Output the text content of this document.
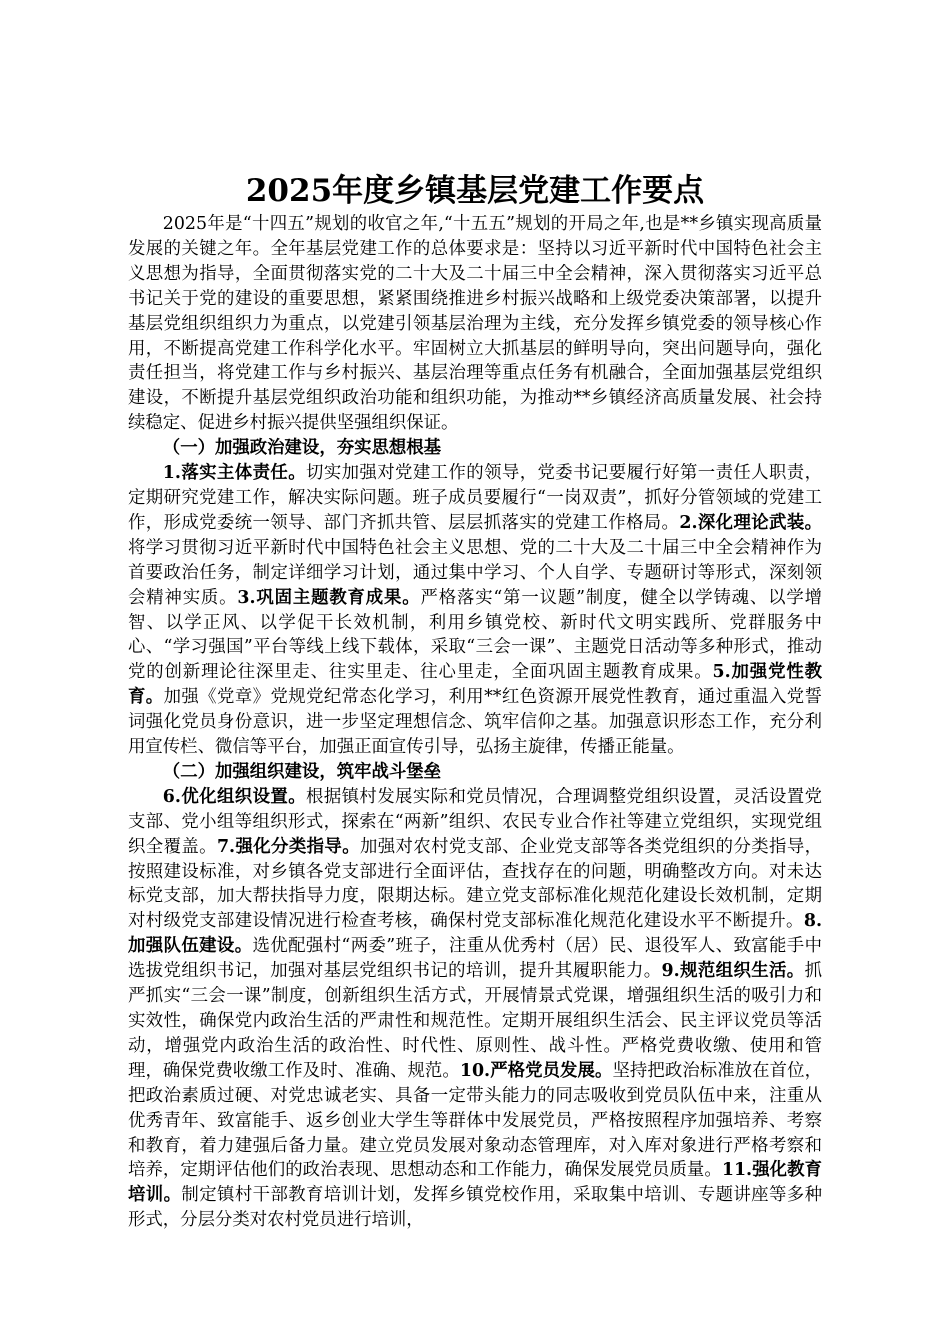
2025年度乡镇基层党建工作要点

2025年是“十四五”规划的收官之年,“十五五”规划的开局之年,也是**乡镇实现高质量发展的关键之年。全年基层党建工作的总体要求是：坚持以习近平新时代中国特色社会主义思想为指导，全面贯彻落实党的二十大及二十届三中全会精神，深入贯彻落实习近平总书记关于党的建设的重要思想，紧紧围绕推进乡村振兴战略和上级党委决策部署，以提升基层党组织组织力为重点，以党建引领基层治理为主线，充分发挥乡镇党委的领导核心作用，不断提高党建工作科学化水平。牢固树立大抓基层的鲜明导向，突出问题导向，强化责任担当，将党建工作与乡村振兴、基层治理等重点任务有机融合，全面加强基层党组织建设，不断提升基层党组织政治功能和组织功能，为推动**乡镇经济高质量发展、社会持续稳定、促进乡村振兴提供坚强组织保证。

（一）加强政治建设，夯实思想根基

1.落实主体责任。切实加强对党建工作的领导，党委书记要履行好第一责任人职责，定期研究党建工作，解决实际问题。班子成员要履行“一岗双责”，抓好分管领域的党建工作，形成党委统一领导、部门齐抓共管、层层抓落实的党建工作格局。2.深化理论武装。将学习贯彻习近平新时代中国特色社会主义思想、党的二十大及二十届三中全会精神作为首要政治任务，制定详细学习计划，通过集中学习、个人自学、专题研讨等形式，深刻领会精神实质。3.巩固主题教育成果。严格落实“第一议题”制度，健全以学铸魂、以学增智、以学正风、以学促干长效机制，利用乡镇党校、新时代文明实践所、党群服务中心、“学习强国”平台等线上线下载体，采取“三会一课”、主题党日活动等多种形式，推动党的创新理论往深里走、往实里走、往心里走，全面巩固主题教育成果。5.加强党性教育。加强《党章》党规党纪常态化学习，利用**红色资源开展党性教育，通过重温入党誓词强化党员身份意识，进一步坚定理想信念、筑牢信仰之基。加强意识形态工作，充分利用宣传栏、微信等平台，加强正面宣传引导，弘扬主旋律，传播正能量。

（二）加强组织建设，筑牢战斗堡垒

6.优化组织设置。根据镇村发展实际和党员情况，合理调整党组织设置，灵活设置党支部、党小组等组织形式，探索在“两新”组织、农民专业合作社等建立党组织，实现党组织全覆盖。7.强化分类指导。加强对农村党支部、企业党支部等各类党组织的分类指导，按照建设标准，对乡镇各党支部进行全面评估，查找存在的问题，明确整改方向。对未达标党支部，加大帮扶指导力度，限期达标。建立党支部标准化规范化建设长效机制，定期对村级党支部建设情况进行检查考核，确保村党支部标准化规范化建设水平不断提升。8.加强队伍建设。选优配强村“两委”班子，注重从优秀村（居）民、退役军人、致富能手中选拔党组织书记，加强对基层党组织书记的培训，提升其履职能力。9.规范组织生活。抓严抓实“三会一课”制度，创新组织生活方式，开展情景式党课，增强组织生活的吸引力和实效性，确保党内政治生活的严肃性和规范性。定期开展组织生活会、民主评议党员等活动，增强党内政治生活的政治性、时代性、原则性、战斗性。严格党费收缴、使用和管理，确保党费收缴工作及时、准确、规范。10.严格党员发展。坚持把政治标准放在首位，把政治素质过硬、对党忠诚老实、具备一定带头能力的同志吸收到党员队伍中来，注重从优秀青年、致富能手、返乡创业大学生等群体中发展党员，严格按照程序加强培养、考察和教育，着力建强后备力量。建立党员发展对象动态管理库，对入库对象进行严格考察和培养，定期评估他们的政治表现、思想动态和工作能力，确保发展党员质量。11.强化教育培训。制定镇村干部教育培训计划，发挥乡镇党校作用，采取集中培训、专题讲座等多种形式，分层分类对农村党员进行培训，
